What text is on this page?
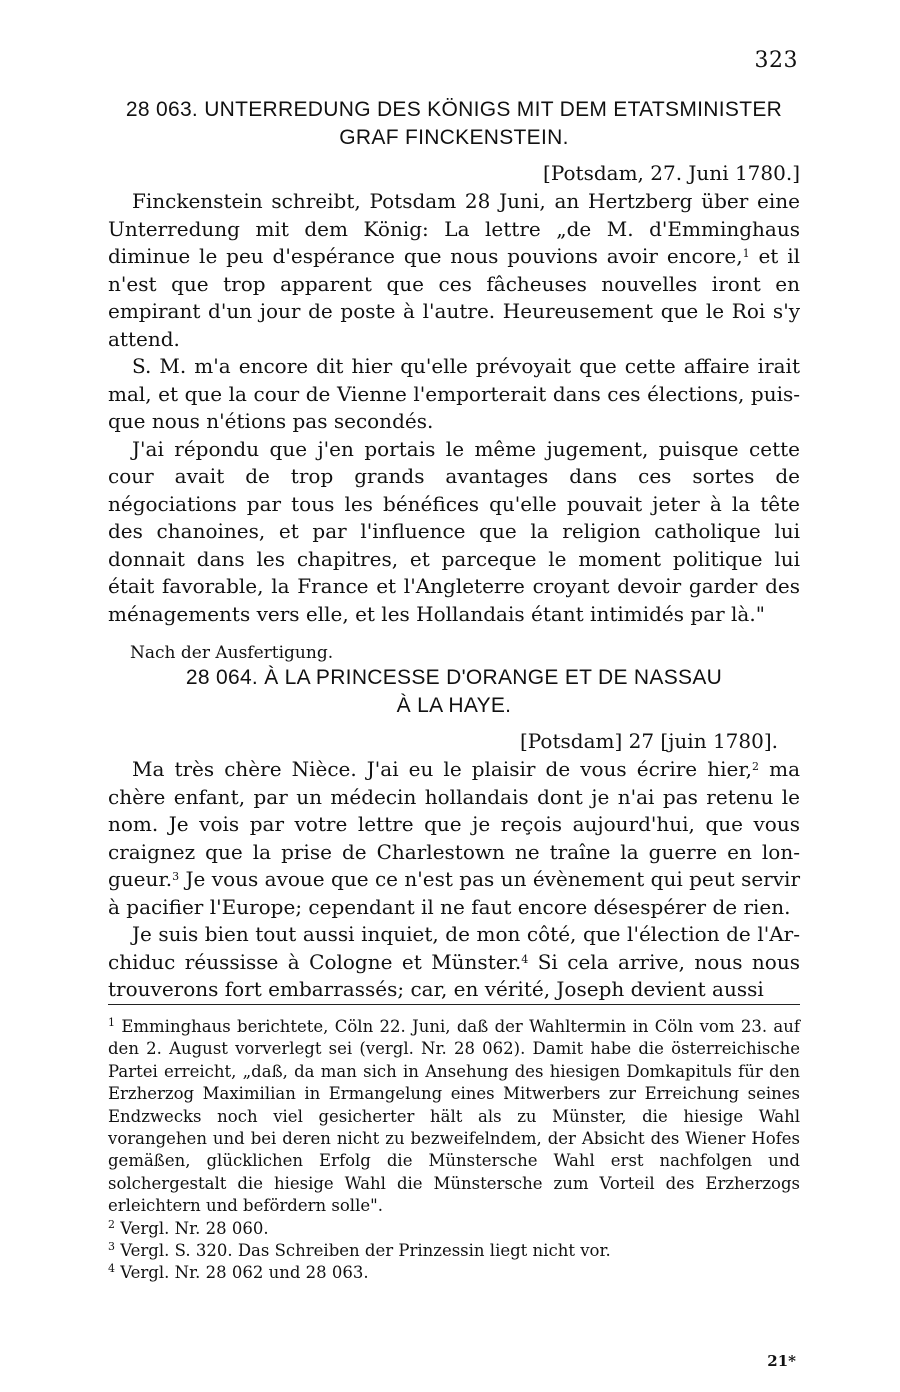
323

28 063. UNTERREDUNG DES KÖNIGS MIT DEM ETATSMINISTER

GRAF FINCKENSTEIN.

[Potsdam, 27. Juni 1780.]

Finckenstein schreibt, Potsdam 28 Juni, an Hertzberg über eine Unterredung mit dem König: La lettre „de M. d'Emminghaus diminue le peu d'espérance que nous pouvions avoir encore,$^1$ et il n'est que trop apparent que ces fâcheuses nouvelles iront en empirant d'un jour de poste à l'autre. Heureusement que le Roi s'y attend.

S. M. m'a encore dit hier qu'elle prévoyait que cette affaire irait mal, et que la cour de Vienne l'emporterait dans ces élections, puisque nous n'étions pas secondés.

J'ai répondu que j'en portais le même jugement, puisque cette cour avait de trop grands avantages dans ces sortes de négociations par tous les bénéfices qu'elle pouvait jeter à la tête des chanoines, et par l'influence que la religion catholique lui donnait dans les chapitres, et parceque le moment politique lui était favorable, la France et l'Angleterre croyant devoir garder des ménagements vers elle, et les Hollandais étant intimidés par là."

Nach der Ausfertigung.

28 064. À LA PRINCESSE D'ORANGE ET DE NASSAU

À LA HAYE.

[Potsdam] 27 [juin 1780].

Ma très chère Nièce. J'ai eu le plaisir de vous écrire hier,$^2$ ma chère enfant, par un médecin hollandais dont je n'ai pas retenu le nom. Je vois par votre lettre que je reçois aujourd'hui, que vous craignez que la prise de Charlestown ne traîne la guerre en longueur.$^3$ Je vous avoue que ce n'est pas un évènement qui peut servir à pacifier l'Europe; cependant il ne faut encore désespérer de rien.

Je suis bien tout aussi inquiet, de mon côté, que l'élection de l'Archiduc réussisse à Cologne et Münster.$^4$ Si cela arrive, nous nous trouverons fort embarrassés; car, en vérité, Joseph devient aussi

$^1$ Emminghaus berichtete, Cöln 22. Juni, daß der Wahltermin in Cöln vom 23. auf den 2. August vorverlegt sei (vergl. Nr. 28 062). Damit habe die österreichische Partei erreicht, „daß, da man sich in Ansehung des hiesigen Domkapituls für den Erzherzog Maximilian in Ermangelung eines Mitwerbers zur Erreichung seines Endzwecks noch viel gesicherter hält als zu Münster, die hiesige Wahl vorangehen und bei deren nicht zu bezweifelndem, der Absicht des Wiener Hofes gemäßen, glücklichen Erfolg die Münstersche Wahl erst nachfolgen und solchergestalt die hiesige Wahl die Münstersche zum Vorteil des Erzherzogs erleichtern und befördern solle".

$^2$ Vergl. Nr. 28 060.

$^3$ Vergl. S. 320. Das Schreiben der Prinzessin liegt nicht vor.

$^4$ Vergl. Nr. 28 062 und 28 063.

21*
